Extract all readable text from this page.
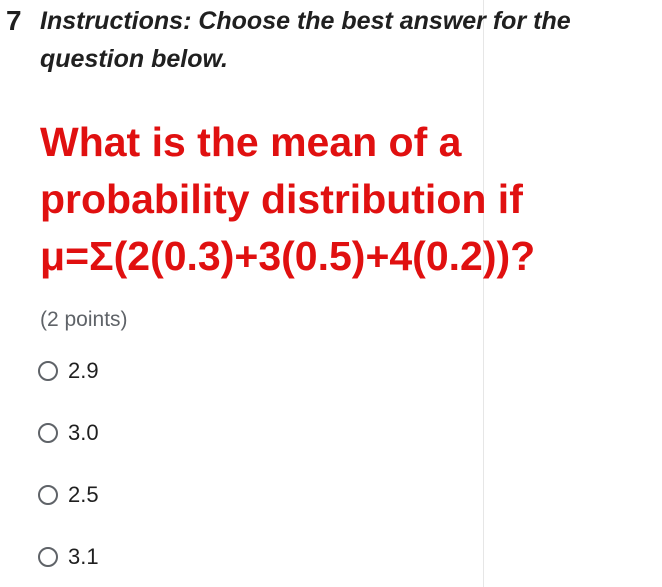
7 Instructions: Choose the best answer for the
question below.
What is the mean of a
probability distribution if
μ=Σ(2(0.3)+3(0.5)+4(0.2))?
(2 points)
2.9
3.0
2.5
3.1
